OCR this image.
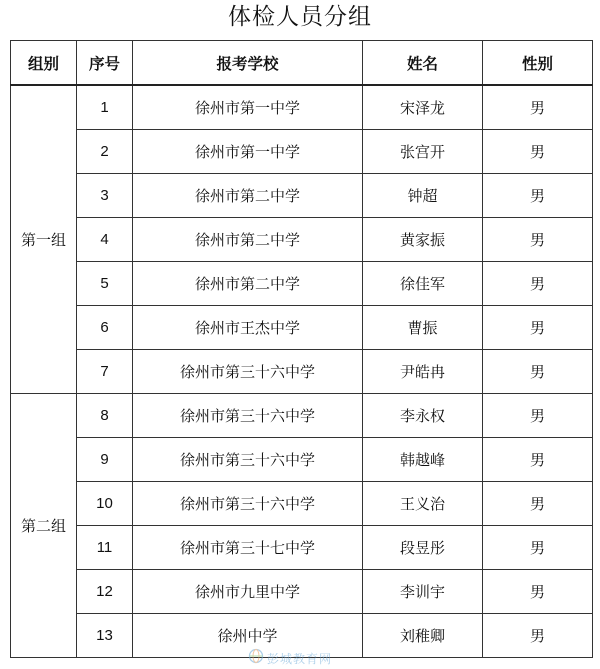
体检人员分组
组别	序号	报考学校	姓名	性别
第一组	1	徐州市第一中学	宋泽龙	男
	2	徐州市第一中学	张宫开	男
	3	徐州市第二中学	钟超	男
	4	徐州市第二中学	黄家振	男
	5	徐州市第二中学	徐佳军	男
	6	徐州市王杰中学	曹振	男
	7	徐州市第三十六中学	尹皓冉	男
第二组	8	徐州市第三十六中学	李永权	男
	9	徐州市第三十六中学	韩越峰	男
	10	徐州市第三十六中学	王义治	男
	11	徐州市第三十七中学	段昱彤	男
	12	徐州市九里中学	李训宇	男
	13	徐州中学	刘稚卿	男
彭城教育网
